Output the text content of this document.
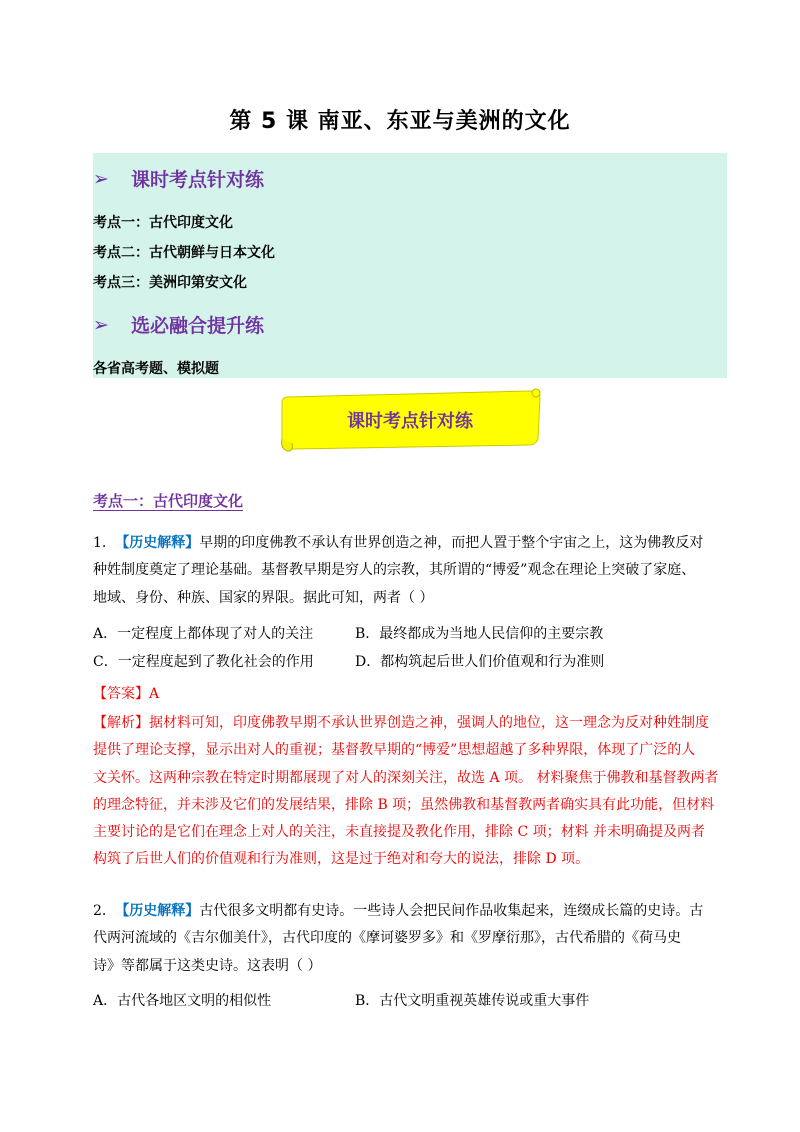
第 5 课 南亚、东亚与美洲的文化
➢	课时考点针对练
考点一：古代印度文化
考点二：古代朝鲜与日本文化
考点三：美洲印第安文化
➢	选必融合提升练
各省高考题、模拟题
课时考点针对练
考点一：古代印度文化
1. 【历史解释】早期的印度佛教不承认有世界创造之神，而把人置于整个宇宙之上，这为佛教反对
种姓制度奠定了理论基础。基督教早期是穷人的宗教，其所谓的“博爱”观念在理论上突破了家庭、
地域、身份、种族、国家的界限。据此可知，两者（ ）
A．一定程度上都体现了对人的关注	B．最终都成为当地人民信仰的主要宗教
C．一定程度起到了教化社会的作用	D．都构筑起后世人们价值观和行为准则
【答案】A
【解析】据材料可知，印度佛教早期不承认世界创造之神，强调人的地位，这一理念为反对种姓制度
提供了理论支撑，显示出对人的重视；基督教早期的“博爱”思想超越了多种界限，体现了广泛的人
文关怀。这两种宗教在特定时期都展现了对人的深刻关注，故选 A 项。 材料聚焦于佛教和基督教两者
的理念特征，并未涉及它们的发展结果，排除 B 项；虽然佛教和基督教两者确实具有此功能，但材料
主要讨论的是它们在理念上对人的关注，未直接提及教化作用，排除 C 项；材料 并未明确提及两者
构筑了后世人们的价值观和行为准则，这是过于绝对和夸大的说法，排除 D 项。
2. 【历史解释】古代很多文明都有史诗。一些诗人会把民间作品收集起来，连缀成长篇的史诗。古
代两河流域的《吉尔伽美什》，古代印度的《摩诃婆罗多》和《罗摩衍那》，古代希腊的《荷马史
诗》等都属于这类史诗。这表明（ ）
A．古代各地区文明的相似性	B．古代文明重视英雄传说或重大事件
